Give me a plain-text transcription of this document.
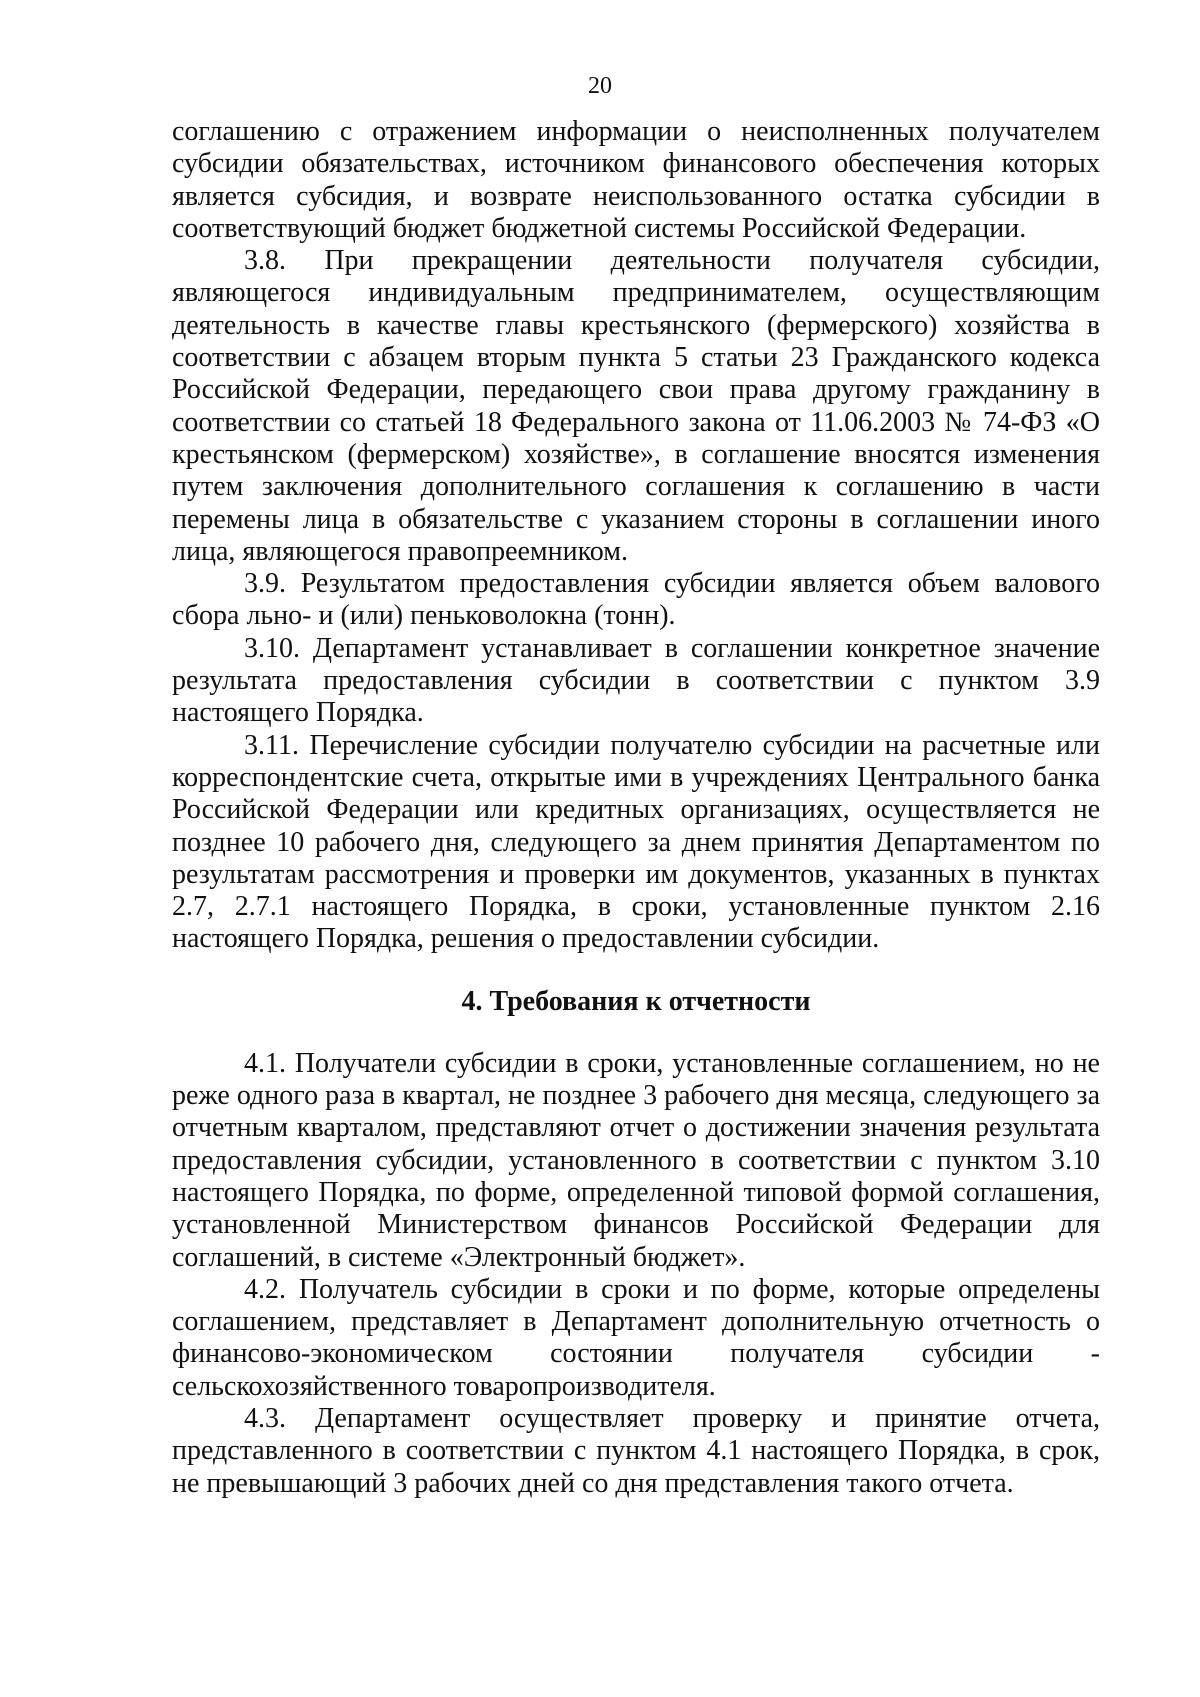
20

соглашению с отражением информации о неисполненных получателем субсидии обязательствах, источником финансового обеспечения которых является субсидия, и возврате неиспользованного остатка субсидии в соответствующий бюджет бюджетной системы Российской Федерации.

3.8. При прекращении деятельности получателя субсидии, являющегося индивидуальным предпринимателем, осуществляющим деятельность в качестве главы крестьянского (фермерского) хозяйства в соответствии с абзацем вторым пункта 5 статьи 23 Гражданского кодекса Российской Федерации, передающего свои права другому гражданину в соответствии со статьей 18 Федерального закона от 11.06.2003 № 74-ФЗ «О крестьянском (фермерском) хозяйстве», в соглашение вносятся изменения путем заключения дополнительного соглашения к соглашению в части перемены лица в обязательстве с указанием стороны в соглашении иного лица, являющегося правопреемником.

3.9. Результатом предоставления субсидии является объем валового сбора льно- и (или) пеньковолокна (тонн).

3.10. Департамент устанавливает в соглашении конкретное значение результата предоставления субсидии в соответствии с пунктом 3.9 настоящего Порядка.

3.11. Перечисление субсидии получателю субсидии на расчетные или корреспондентские счета, открытые ими в учреждениях Центрального банка Российской Федерации или кредитных организациях, осуществляется не позднее 10 рабочего дня, следующего за днем принятия Департаментом по результатам рассмотрения и проверки им документов, указанных в пунктах 2.7, 2.7.1 настоящего Порядка, в сроки, установленные пунктом 2.16 настоящего Порядка, решения о предоставлении субсидии.

4. Требования к отчетности

4.1. Получатели субсидии в сроки, установленные соглашением, но не реже одного раза в квартал, не позднее 3 рабочего дня месяца, следующего за отчетным кварталом, представляют отчет о достижении значения результата предоставления субсидии, установленного в соответствии с пунктом 3.10 настоящего Порядка, по форме, определенной типовой формой соглашения, установленной Министерством финансов Российской Федерации для соглашений, в системе «Электронный бюджет».

4.2. Получатель субсидии в сроки и по форме, которые определены соглашением, представляет в Департамент дополнительную отчетность о финансово-экономическом состоянии получателя субсидии - сельскохозяйственного товаропроизводителя.

4.3. Департамент осуществляет проверку и принятие отчета, представленного в соответствии с пунктом 4.1 настоящего Порядка, в срок, не превышающий 3 рабочих дней со дня представления такого отчета.
